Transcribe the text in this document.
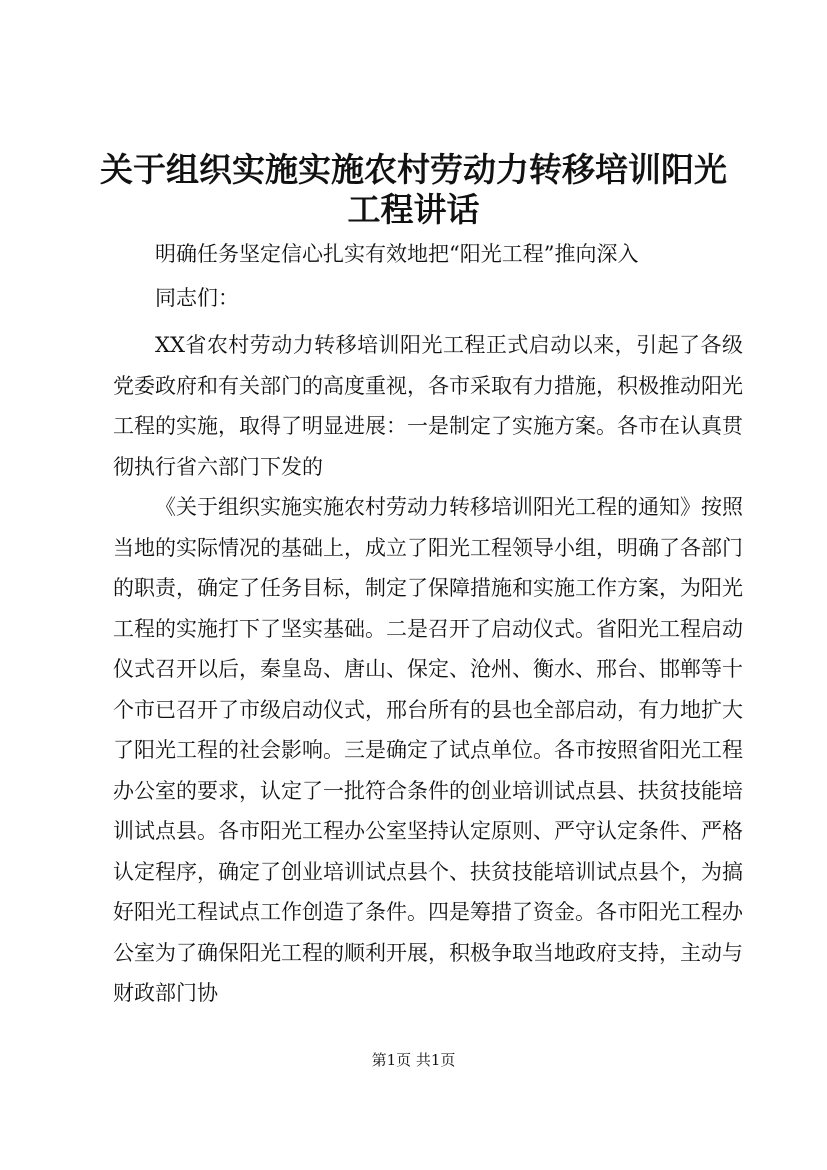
关于组织实施实施农村劳动力转移培训阳光工程讲话
明确任务坚定信心扎实有效地把“阳光工程”推向深入
同志们：

XX省农村劳动力转移培训阳光工程正式启动以来，引起了各级党委政府和有关部门的高度重视，各市采取有力措施，积极推动阳光工程的实施，取得了明显进展：一是制定了实施方案。各市在认真贯彻执行省六部门下发的

《关于组织实施实施农村劳动力转移培训阳光工程的通知》按照当地的实际情况的基础上，成立了阳光工程领导小组，明确了各部门的职责，确定了任务目标，制定了保障措施和实施工作方案，为阳光工程的实施打下了坚实基础。二是召开了启动仪式。省阳光工程启动仪式召开以后，秦皇岛、唐山、保定、沧州、衡水、邢台、邯郸等十个市已召开了市级启动仪式，邢台所有的县也全部启动，有力地扩大了阳光工程的社会影响。三是确定了试点单位。各市按照省阳光工程办公室的要求，认定了一批符合条件的创业培训试点县、扶贫技能培训试点县。各市阳光工程办公室坚持认定原则、严守认定条件、严格认定程序，确定了创业培训试点县个、扶贫技能培训试点县个，为搞好阳光工程试点工作创造了条件。四是筹措了资金。各市阳光工程办公室为了确保阳光工程的顺利开展，积极争取当地政府支持，主动与财政部门协

第1页 共1页
